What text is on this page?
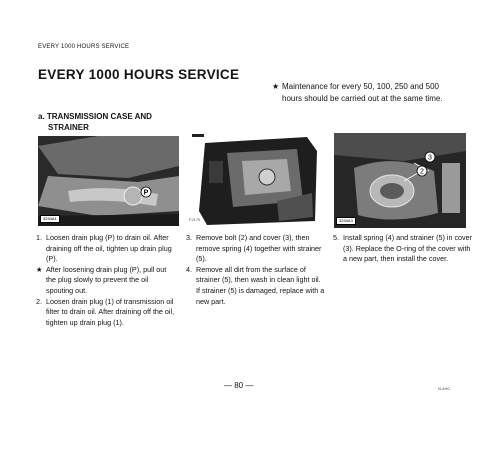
EVERY 1000 HOURS SERVICE
EVERY 1000 HOURS SERVICE
★ Maintenance for every 50, 100, 250 and 500
hours should be carried out at the same time.
a. TRANSMISSION CASE AND
STRAINER
P
3294A1	F2176
2
3
3294A3
1. Loosen drain plug (P) to drain oil. After draining off the oil, tighten up drain plug (P).
★ After loosening drain plug (P), pull out the plug slowly to prevent the oil spouting out.
2. Loosen drain plug (1) of transmission oil filter to drain oil. After draining off the oil, tighten up drain plug (1).
3. Remove bolt (2) and cover (3), then remove spring (4) together with strainer (5).
4. Remove all dirt from the surface of strainer (5), then wash in clean light oil. If strainer (5) is damaged, replace with a new part.
5. Install spring (4) and strainer (5) in cover (3). Replace the O-ring of the cover with a new part, then install the cover.
— 80 —	N-4HC
